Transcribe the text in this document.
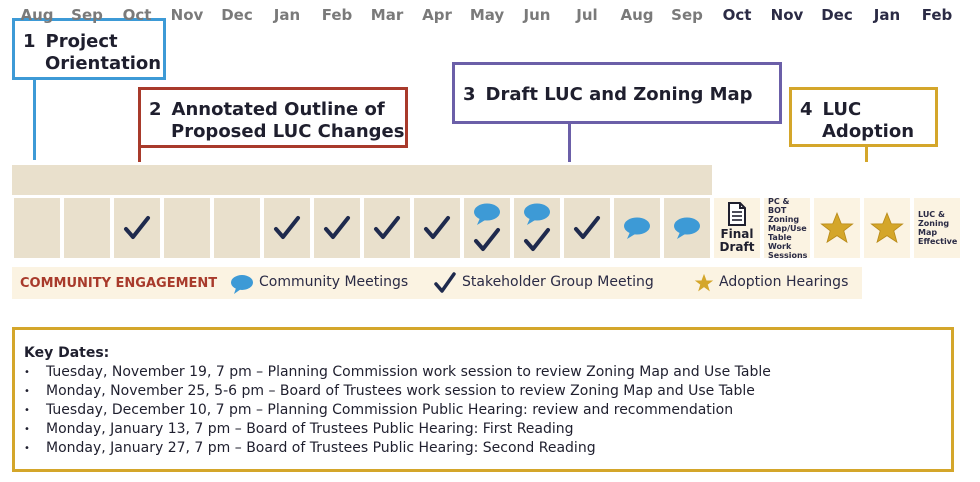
1 Project
Orientation
2 Annotated Outline of
Proposed LUC Changes
3 Draft LUC and Zoning Map
4 LUC
Adoption
Aug	Sep	Oct	Nov	Dec	Jan	Feb	Mar	Apr	May	Jun	Jul	Aug	Sep	Oct
Final Draft
Nov
PC & BOT Zoning Map/Use Table Work Sessions
Dec	Jan	Feb
LUC & Zoning Map Effective
COMMUNITY ENGAGEMENT	Community Meetings	Stakeholder Group Meeting	Adoption Hearings
Key Dates:
• Tuesday, November 19, 7 pm – Planning Commission work session to review Zoning Map and Use Table
• Monday, November 25, 5-6 pm – Board of Trustees work session to review Zoning Map and Use Table
• Tuesday, December 10, 7 pm – Planning Commission Public Hearing: review and recommendation
• Monday, January 13, 7 pm – Board of Trustees Public Hearing: First Reading
• Monday, January 27, 7 pm – Board of Trustees Public Hearing: Second Reading
